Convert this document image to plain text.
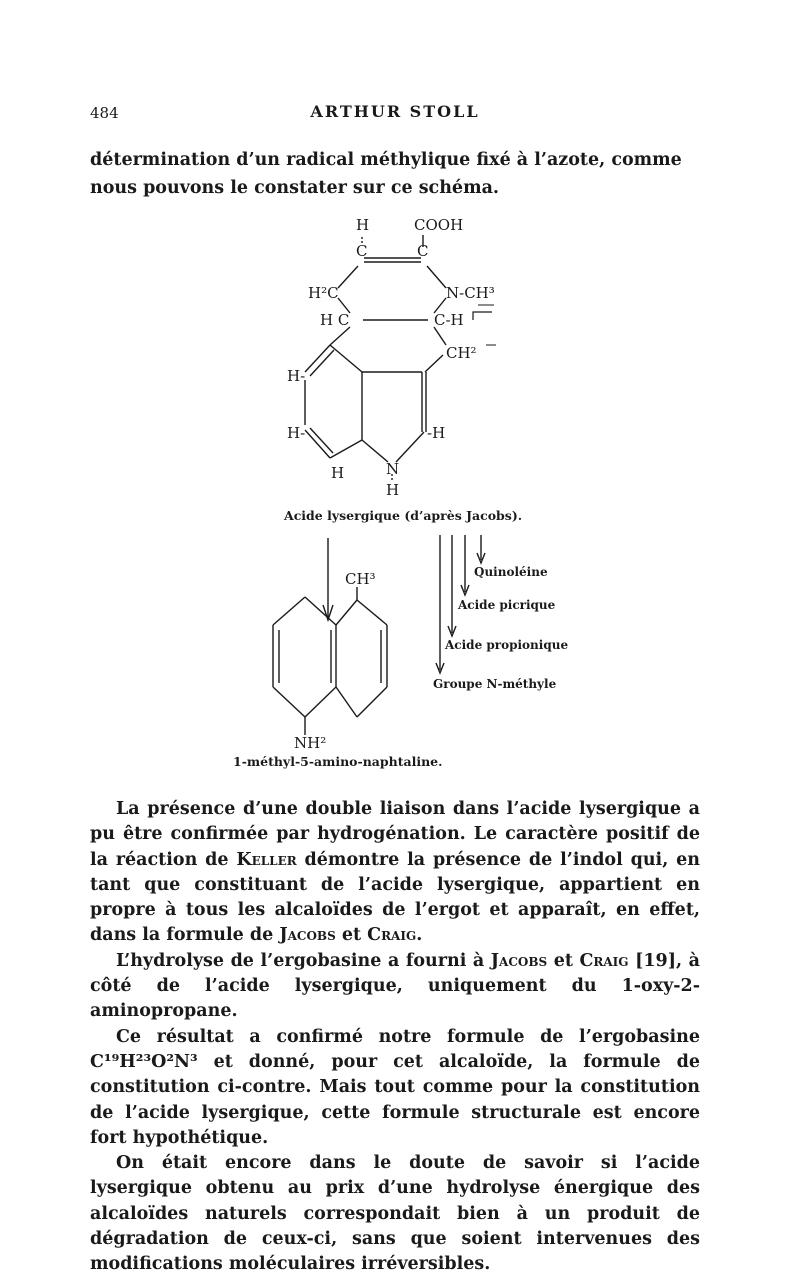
484	ARTHUR STOLL

détermination d’un radical méthylique fixé à l’azote, comme nous pouvons le constater sur ce schéma.

H	COOH
C	C
H²C
H C
N-CH³
C-H
CH²
H-
H-	-H
H	N
H
Acide lysergique (d’après Jacobs).
Quinoléine
Acide picrique
Acide propionique
Groupe N-méthyle
CH³
NH²
1-méthyl-5-amino-naphtaline.

La présence d’une double liaison dans l’acide lysergique a pu être confirmée par hydrogénation. Le caractère positif de la réaction de Keller démontre la présence de l’indol qui, en tant que constituant de l’acide lysergique, appartient en propre à tous les alcaloïdes de l’ergot et apparaît, en effet, dans la formule de Jacobs et Craig.

L’hydrolyse de l’ergobasine a fourni à Jacobs et Craig [19], à côté de l’acide lysergique, uniquement du 1-oxy-2-aminopropane.

Ce résultat a confirmé notre formule de l’ergobasine C¹⁹H²³O²N³ et donné, pour cet alcaloïde, la formule de constitution ci-contre. Mais tout comme pour la constitution de l’acide lysergique, cette formule structurale est encore fort hypothétique.

On était encore dans le doute de savoir si l’acide lysergique obtenu au prix d’une hydrolyse énergique des alcaloïdes naturels correspondait bien à un produit de dégradation de ceux-ci, sans que soient intervenues des modifications moléculaires irréversibles.
